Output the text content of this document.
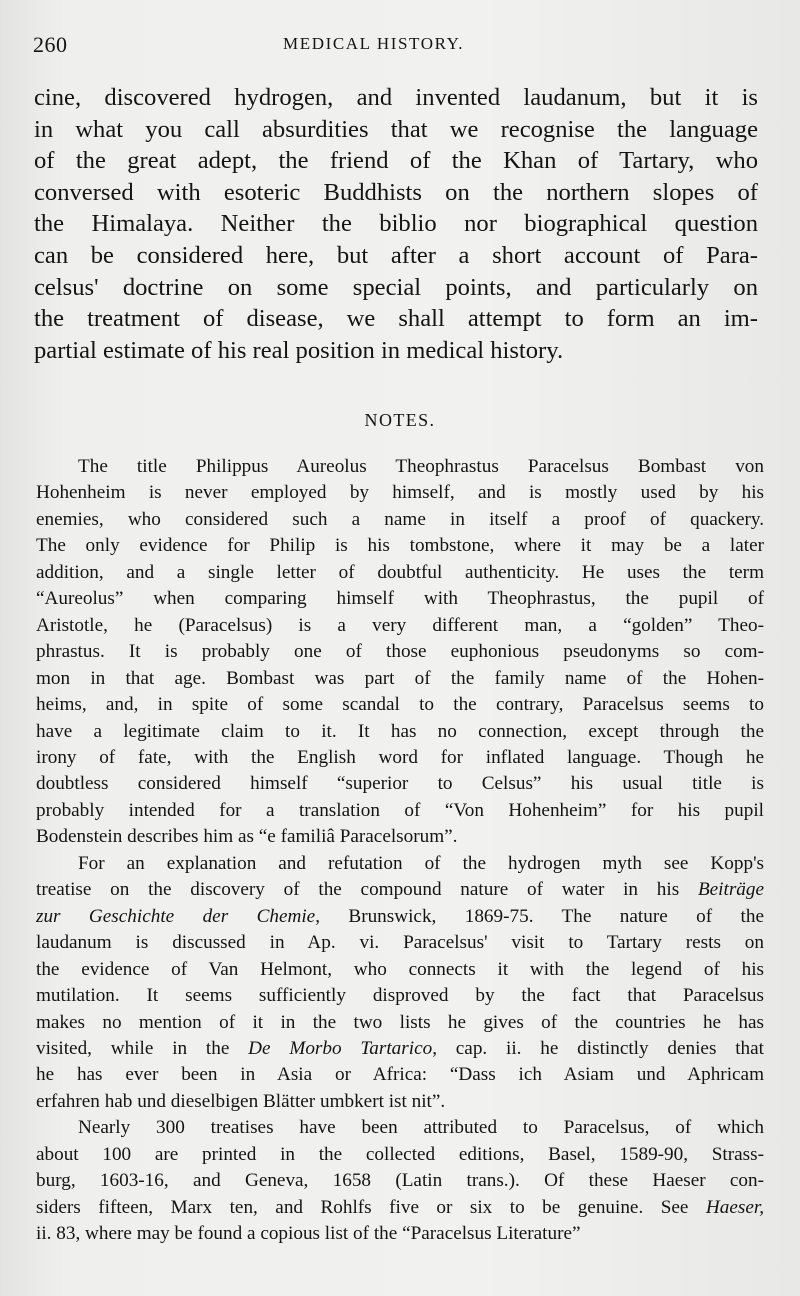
260	MEDICAL HISTORY.
cine, discovered hydrogen, and invented laudanum, but it is
in what you call absurdities that we recognise the language
of the great adept, the friend of the Khan of Tartary, who
conversed with esoteric Buddhists on the northern slopes of
the Himalaya. Neither the biblio nor biographical question
can be considered here, but after a short account of Para-
celsus' doctrine on some special points, and particularly on
the treatment of disease, we shall attempt to form an im-
partial estimate of his real position in medical history.
NOTES.
The title Philippus Aureolus Theophrastus Paracelsus Bombast von
Hohenheim is never employed by himself, and is mostly used by his
enemies, who considered such a name in itself a proof of quackery.
The only evidence for Philip is his tombstone, where it may be a later
addition, and a single letter of doubtful authenticity. He uses the term
“Aureolus” when comparing himself with Theophrastus, the pupil of
Aristotle, he (Paracelsus) is a very different man, a “golden” Theo-
phrastus. It is probably one of those euphonious pseudonyms so com-
mon in that age. Bombast was part of the family name of the Hohen-
heims, and, in spite of some scandal to the contrary, Paracelsus seems to
have a legitimate claim to it. It has no connection, except through the
irony of fate, with the English word for inflated language. Though he
doubtless considered himself “superior to Celsus” his usual title is
probably intended for a translation of “Von Hohenheim” for his pupil
Bodenstein describes him as “e familiâ Paracelsorum”.
For an explanation and refutation of the hydrogen myth see Kopp's
treatise on the discovery of the compound nature of water in his Beiträge
zur Geschichte der Chemie, Brunswick, 1869-75. The nature of the
laudanum is discussed in Ap. vi. Paracelsus' visit to Tartary rests on
the evidence of Van Helmont, who connects it with the legend of his
mutilation. It seems sufficiently disproved by the fact that Paracelsus
makes no mention of it in the two lists he gives of the countries he has
visited, while in the De Morbo Tartarico, cap. ii. he distinctly denies that
he has ever been in Asia or Africa: “Dass ich Asiam und Aphricam
erfahren hab und dieselbigen Blätter umbkert ist nit”.
Nearly 300 treatises have been attributed to Paracelsus, of which
about 100 are printed in the collected editions, Basel, 1589-90, Strass-
burg, 1603-16, and Geneva, 1658 (Latin trans.). Of these Haeser con-
siders fifteen, Marx ten, and Rohlfs five or six to be genuine. See Haeser,
ii. 83, where may be found a copious list of the “Paracelsus Literature”
